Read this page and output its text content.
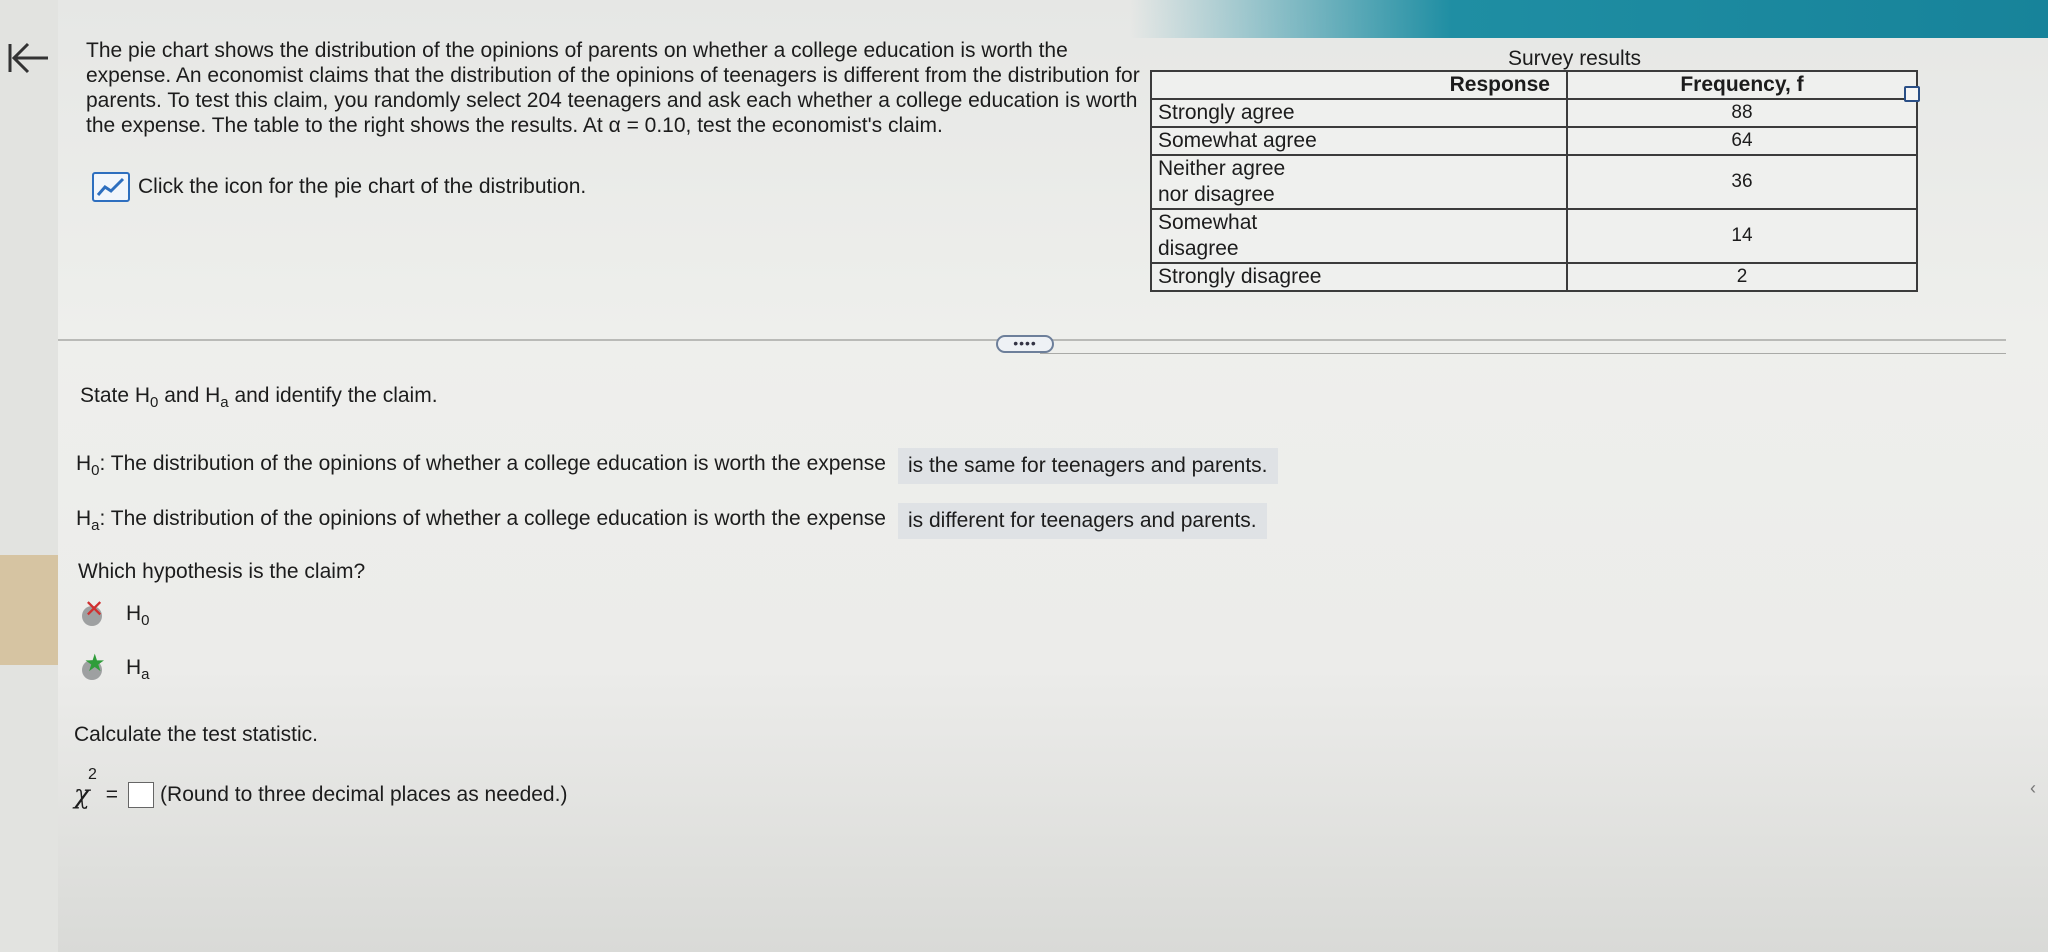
The pie chart shows the distribution of the opinions of parents on whether a college education is worth the expense. An economist claims that the distribution of the opinions of teenagers is different from the distribution for parents. To test this claim, you randomly select 204 teenagers and ask each whether a college education is worth the expense. The table to the right shows the results. At α = 0.10, test the economist's claim.

Click the icon for the pie chart of the distribution.
Survey results
Response	Frequency, f

Strongly agree	88

Somewhat agree	64

Neither agree
nor disagree	36

Somewhat
disagree	14

Strongly disagree	2
••••
State $H_0$ and $H_a$ and identify the claim.
$H_0$: The distribution of the opinions of whether a college education is worth the expense	is the same for teenagers and parents.
$H_a$: The distribution of the opinions of whether a college education is worth the expense	is different for teenagers and parents.
Which hypothesis is the claim?
✕ $H_0$
★ $H_a$
Calculate the test statistic.
χ
2
= (Round to three decimal places as needed.)	‹
